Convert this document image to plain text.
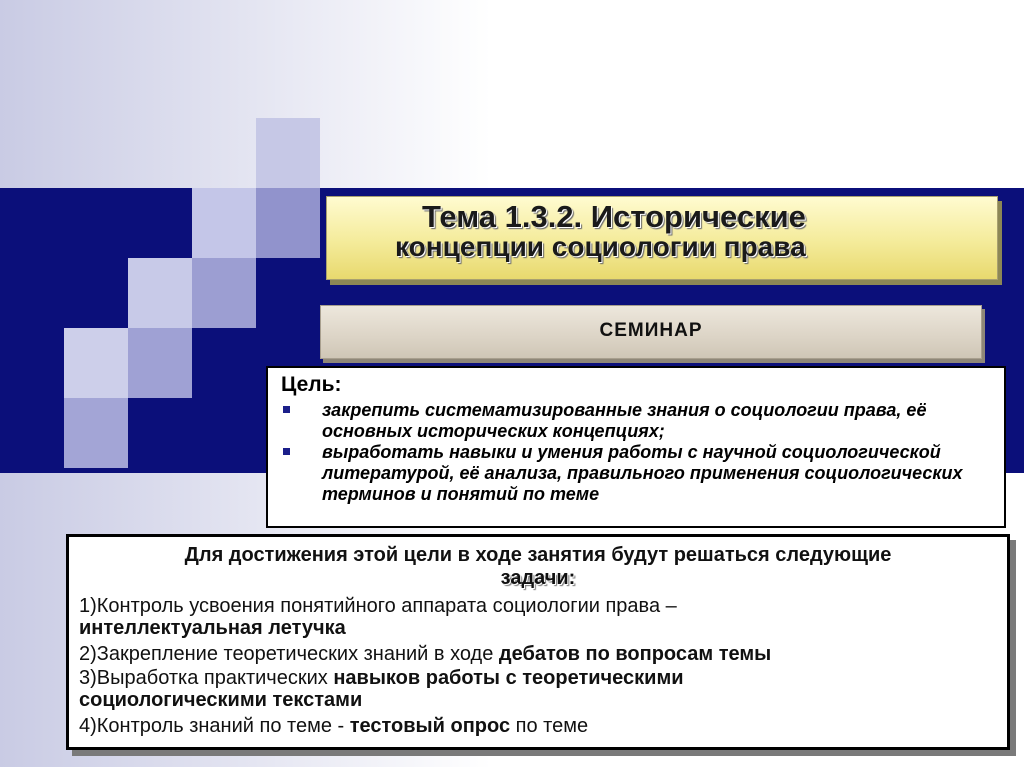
Тема 1.3.2. Исторические
концепции социологии права
СЕМИНАР
Цель:
закрепить систематизированные знания о социологии права, её основных исторических концепциях;
выработать навыки и умения работы с научной социологической литературой, её анализа, правильного применения социологических терминов и понятий по теме
Для достижения этой цели в ходе занятия будут решаться следующие
задачи:
1)Контроль усвоения понятийного аппарата социологии права –
интеллектуальная летучка
2)Закрепление теоретических знаний в ходе дебатов по вопросам темы
3)Выработка практических навыков работы с теоретическими
социологическими текстами
4)Контроль знаний по теме - тестовый опрос по теме
